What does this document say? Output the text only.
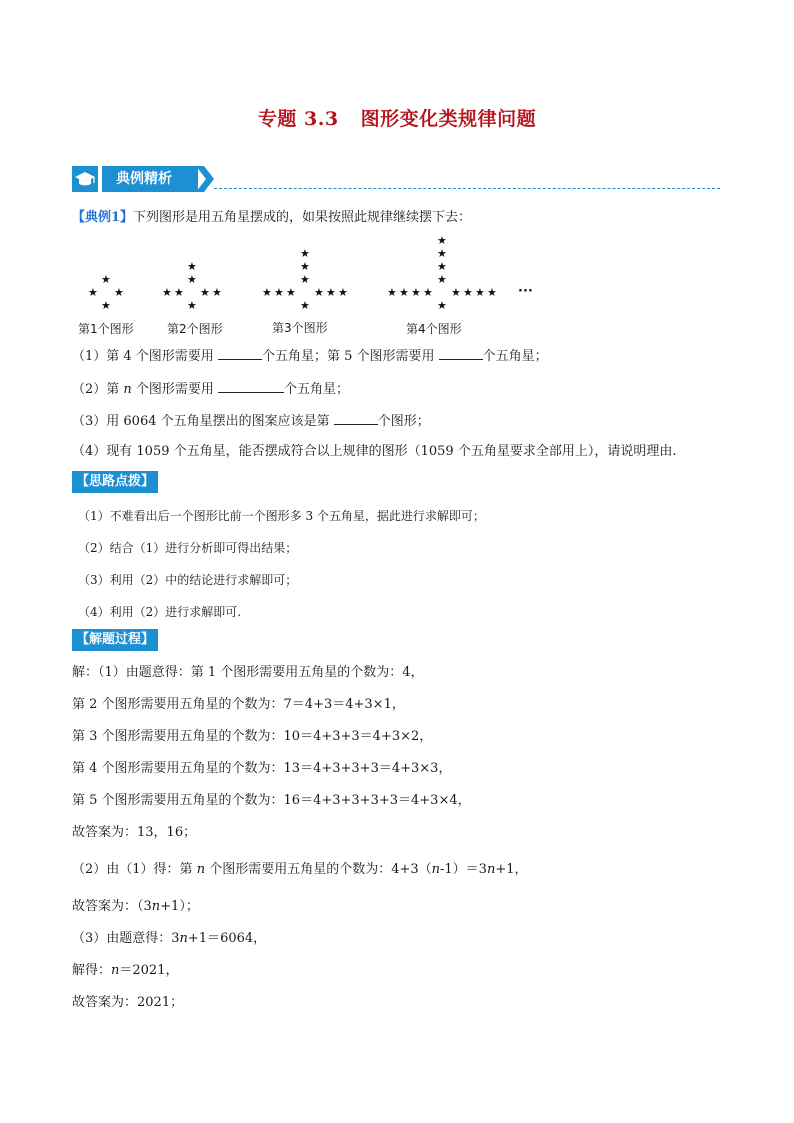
专题 3.3 图形变化类规律问题
典例精析
【典例1】下列图形是用五角星摆成的，如果按照此规律继续摆下去：
★
★ ★
★
★
★
★ ★ ★ ★
★
★
★
★
★ ★ ★ ★ ★ ★
★
★
★
★
★
★ ★ ★ ★ ★ ★ ★ ★
★
···
第1个图形	第2个图形	第3个图形	第4个图形
（1）第 4 个图形需要用	个五角星；第 5 个图形需要用	个五角星；
（2）第 n 个图形需要用	个五角星；
（3）用 6064 个五角星摆出的图案应该是第	个图形；
（4）现有 1059 个五角星，能否摆成符合以上规律的图形（1059 个五角星要求全部用上），请说明理由.
【思路点拨】
（1）不难看出后一个图形比前一个图形多 3 个五角星，据此进行求解即可；
（2）结合（1）进行分析即可得出结果；
（3）利用（2）中的结论进行求解即可；
（4）利用（2）进行求解即可.
【解题过程】
解：（1）由题意得：第 1 个图形需要用五角星的个数为：4，
第 2 个图形需要用五角星的个数为：7＝4+3＝4+3×1，
第 3 个图形需要用五角星的个数为：10＝4+3+3＝4+3×2，
第 4 个图形需要用五角星的个数为：13＝4+3+3+3＝4+3×3，
第 5 个图形需要用五角星的个数为：16＝4+3+3+3+3＝4+3×4，
故答案为：13，16；
（2）由（1）得：第 n 个图形需要用五角星的个数为：4+3（n-1）＝3n+1，
故答案为：（3n+1）；
（3）由题意得：3n+1＝6064，
解得：n＝2021，
故答案为：2021；
